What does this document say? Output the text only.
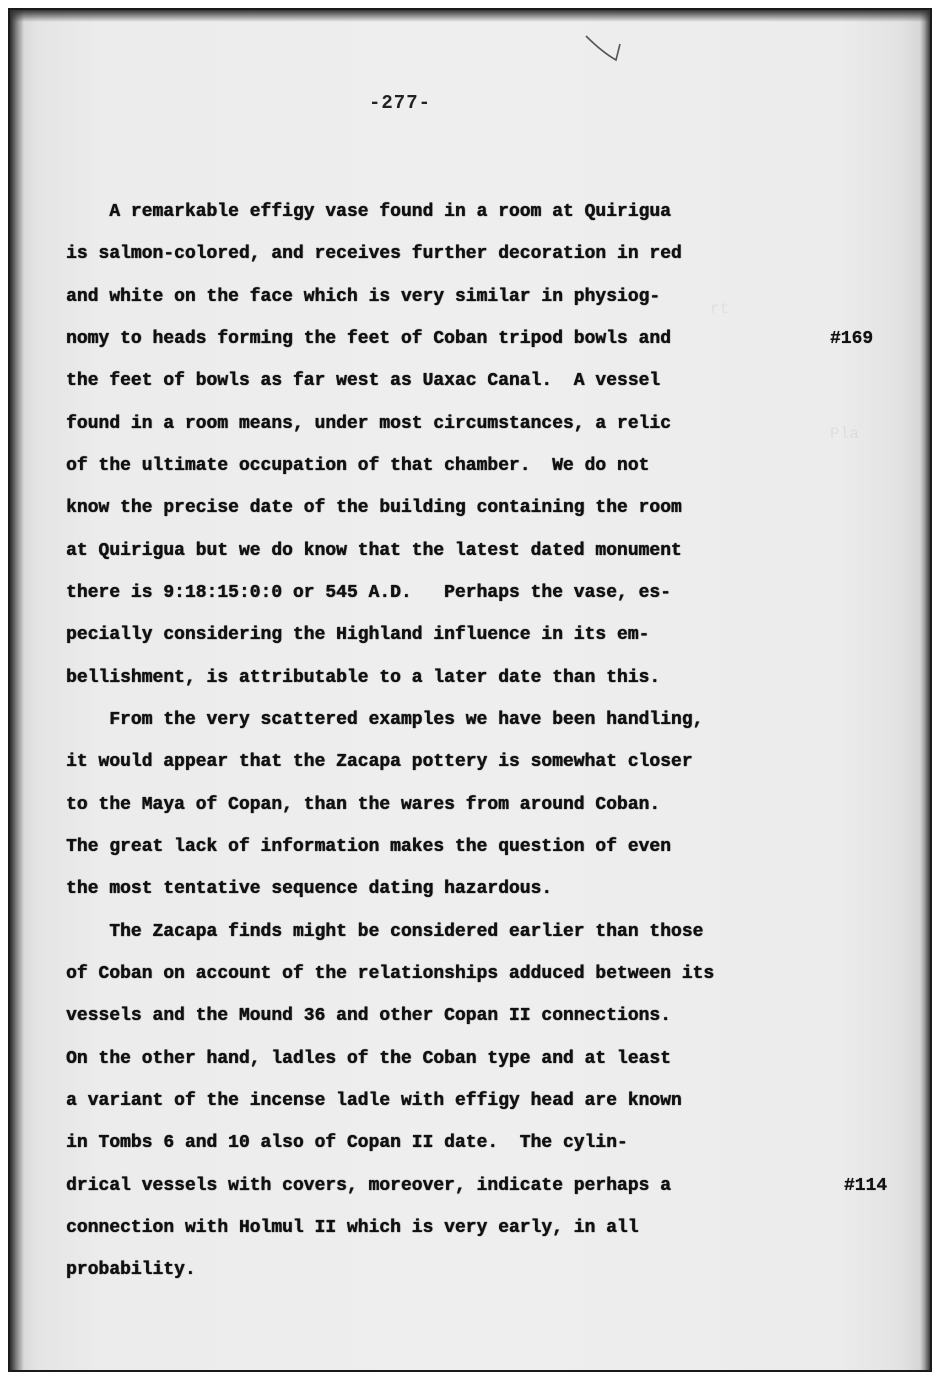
rt
Pla
-277-
A remarkable effigy vase found in a room at Quirigua
is salmon-colored, and receives further decoration in red
and white on the face which is very similar in physiog-
nomy to heads forming the feet of Coban tripod bowls and
the feet of bowls as far west as Uaxac Canal.  A vessel
found in a room means, under most circumstances, a relic
of the ultimate occupation of that chamber.  We do not
know the precise date of the building containing the room
at Quirigua but we do know that the latest dated monument
there is 9:18:15:0:0 or 545 A.D.   Perhaps the vase, es-
pecially considering the Highland influence in its em-
bellishment, is attributable to a later date than this.
From the very scattered examples we have been handling,
it would appear that the Zacapa pottery is somewhat closer
to the Maya of Copan, than the wares from around Coban.
The great lack of information makes the question of even
the most tentative sequence dating hazardous.
The Zacapa finds might be considered earlier than those
of Coban on account of the relationships adduced between its
vessels and the Mound 36 and other Copan II connections.
On the other hand, ladles of the Coban type and at least
a variant of the incense ladle with effigy head are known
in Tombs 6 and 10 also of Copan II date.  The cylin-
drical vessels with covers, moreover, indicate perhaps a
connection with Holmul II which is very early, in all
probability.
#169
#114
